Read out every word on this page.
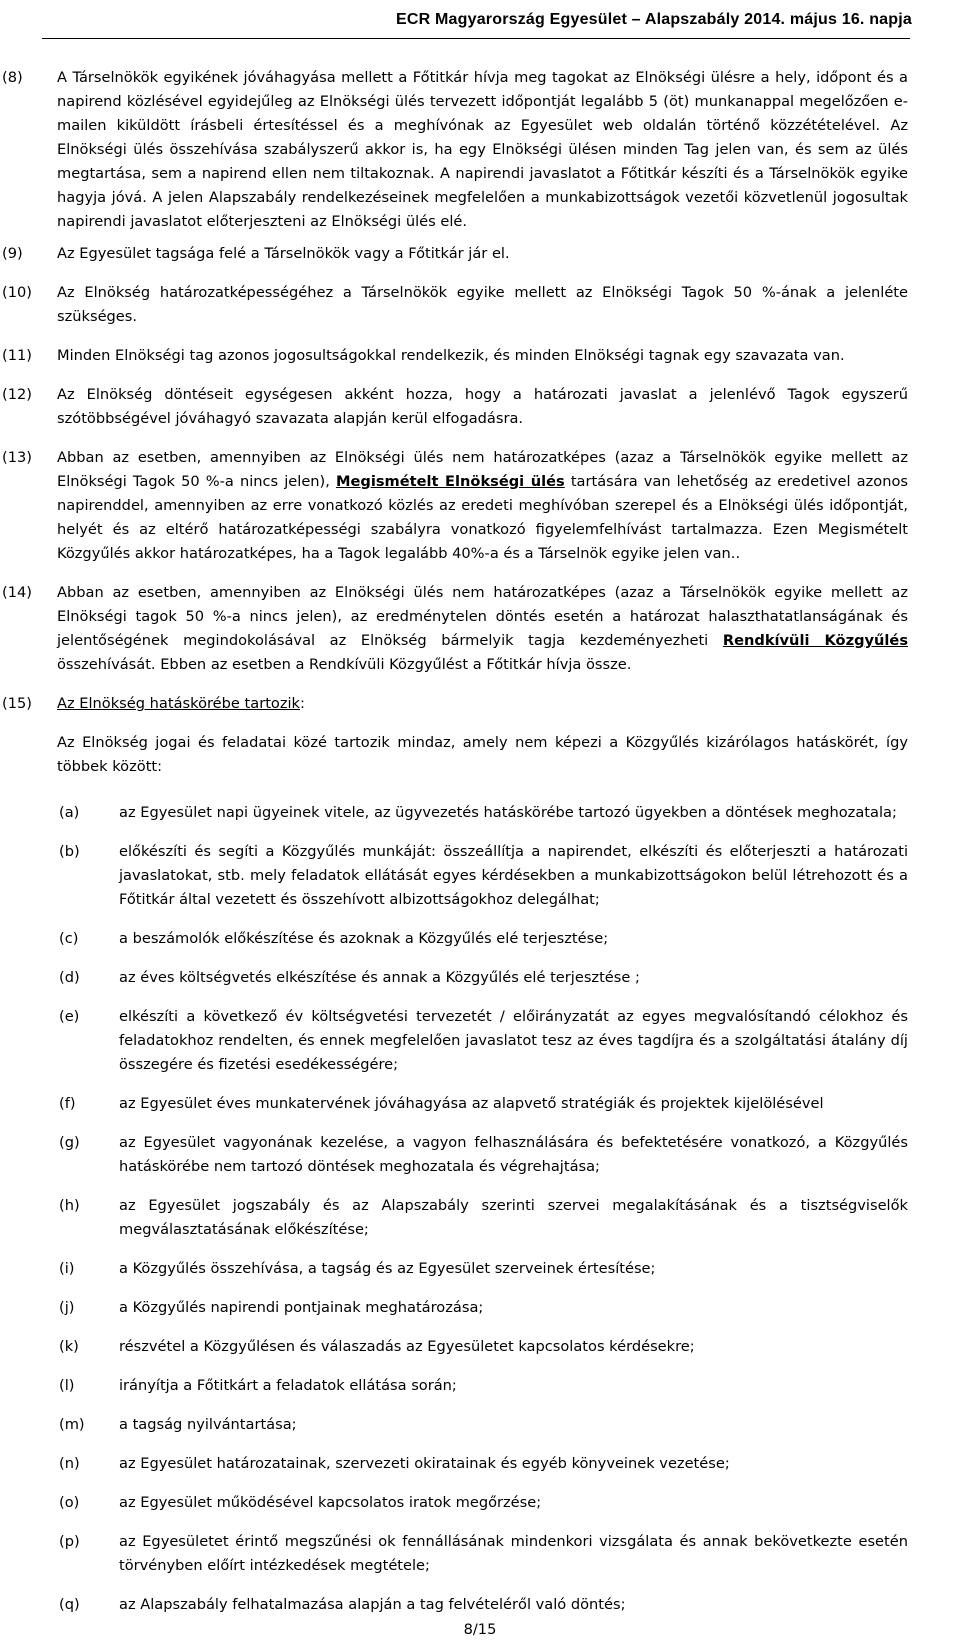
ECR Magyarország Egyesület – Alapszabály 2014. május 16. napja
(8) A Társelnökök egyikének jóváhagyása mellett a Főtitkár hívja meg tagokat az Elnökségi ülésre a hely, időpont és a napirend közlésével egyidejűleg az Elnökségi ülés tervezett időpontját legalább 5 (öt) munkanappal megelőzően e-mailen kiküldött írásbeli értesítéssel és a meghívónak az Egyesület web oldalán történő közzétételével. Az Elnökségi ülés összehívása szabályszerű akkor is, ha egy Elnökségi ülésen minden Tag jelen van, és sem az ülés megtartása, sem a napirend ellen nem tiltakoznak. A napirendi javaslatot a Főtitkár készíti és a Társelnökök egyike hagyja jóvá. A jelen Alapszabály rendelkezéseinek megfelelően a munkabizottságok vezetői közvetlenül jogosultak napirendi javaslatot előterjeszteni az Elnökségi ülés elé.

(9) Az Egyesület tagsága felé a Társelnökök vagy a Főtitkár jár el.

(10) Az Elnökség határozatképességéhez a Társelnökök egyike mellett az Elnökségi Tagok 50 %-ának a jelenléte szükséges.

(11) Minden Elnökségi tag azonos jogosultságokkal rendelkezik, és minden Elnökségi tagnak egy szavazata van.

(12) Az Elnökség döntéseit egységesen akként hozza, hogy a határozati javaslat a jelenlévő Tagok egyszerű szótöbbségével jóváhagyó szavazata alapján kerül elfogadásra.

(13) Abban az esetben, amennyiben az Elnökségi ülés nem határozatképes (azaz a Társelnökök egyike mellett az Elnökségi Tagok 50 %-a nincs jelen), Megismételt Elnökségi ülés tartására van lehetőség az eredetivel azonos napirenddel, amennyiben az erre vonatkozó közlés az eredeti meghívóban szerepel és a Elnökségi ülés időpontját, helyét és az eltérő határozatképességi szabályra vonatkozó figyelemfelhívást tartalmazza. Ezen Megismételt Közgyűlés akkor határozatképes, ha a Tagok legalább 40%-a és a Társelnök egyike jelen van..

(14) Abban az esetben, amennyiben az Elnökségi ülés nem határozatképes (azaz a Társelnökök egyike mellett az Elnökségi tagok 50 %-a nincs jelen), az eredménytelen döntés esetén a határozat halaszthatatlanságának és jelentőségének megindokolásával az Elnökség bármelyik tagja kezdeményezheti Rendkívüli Közgyűlés összehívását. Ebben az esetben a Rendkívüli Közgyűlést a Főtitkár hívja össze.

(15) Az Elnökség hatáskörébe tartozik:

Az Elnökség jogai és feladatai közé tartozik mindaz, amely nem képezi a Közgyűlés kizárólagos hatáskörét, így többek között:

(a)	az Egyesület napi ügyeinek vitele, az ügyvezetés hatáskörébe tartozó ügyekben a döntések meghozatala;
(b)	előkészíti és segíti a Közgyűlés munkáját: összeállítja a napirendet, elkészíti és előterjeszti a határozati javaslatokat, stb. mely feladatok ellátását egyes kérdésekben a munkabizottságokon belül létrehozott és a Főtitkár által vezetett és összehívott albizottságokhoz delegálhat;
(c)	a beszámolók előkészítése és azoknak a Közgyűlés elé terjesztése;
(d)	az éves költségvetés elkészítése és annak a Közgyűlés elé terjesztése ;
(e)	elkészíti a következő év költségvetési tervezetét / előirányzatát az egyes megvalósítandó célokhoz és feladatokhoz rendelten, és ennek megfelelően javaslatot tesz az éves tagdíjra és a szolgáltatási átalány díj összegére és fizetési esedékességére;
(f)	az Egyesület éves munkatervének jóváhagyása az alapvető stratégiák és projektek kijelölésével
(g)	az Egyesület vagyonának kezelése, a vagyon felhasználására és befektetésére vonatkozó, a Közgyűlés hatáskörébe nem tartozó döntések meghozatala és végrehajtása;
(h)	az Egyesület jogszabály és az Alapszabály szerinti szervei megalakításának és a tisztségviselők megválasztatásának előkészítése;
(i)	a Közgyűlés összehívása, a tagság és az Egyesület szerveinek értesítése;
(j)	a Közgyűlés napirendi pontjainak meghatározása;
(k)	részvétel a Közgyűlésen és válaszadás az Egyesületet kapcsolatos kérdésekre;
(l)	irányítja a Főtitkárt a feladatok ellátása során;
(m) a tagság nyilvántartása;
(n)	az Egyesület határozatainak, szervezeti okiratainak és egyéb könyveinek vezetése;
(o)	az Egyesület működésével kapcsolatos iratok megőrzése;
(p)	az Egyesületet érintő megszűnési ok fennállásának mindenkori vizsgálata és annak bekövetkezte esetén törvényben előírt intézkedések megtétele;
(q)	az Alapszabály felhatalmazása alapján a tag felvételéről való döntés;
8/15
